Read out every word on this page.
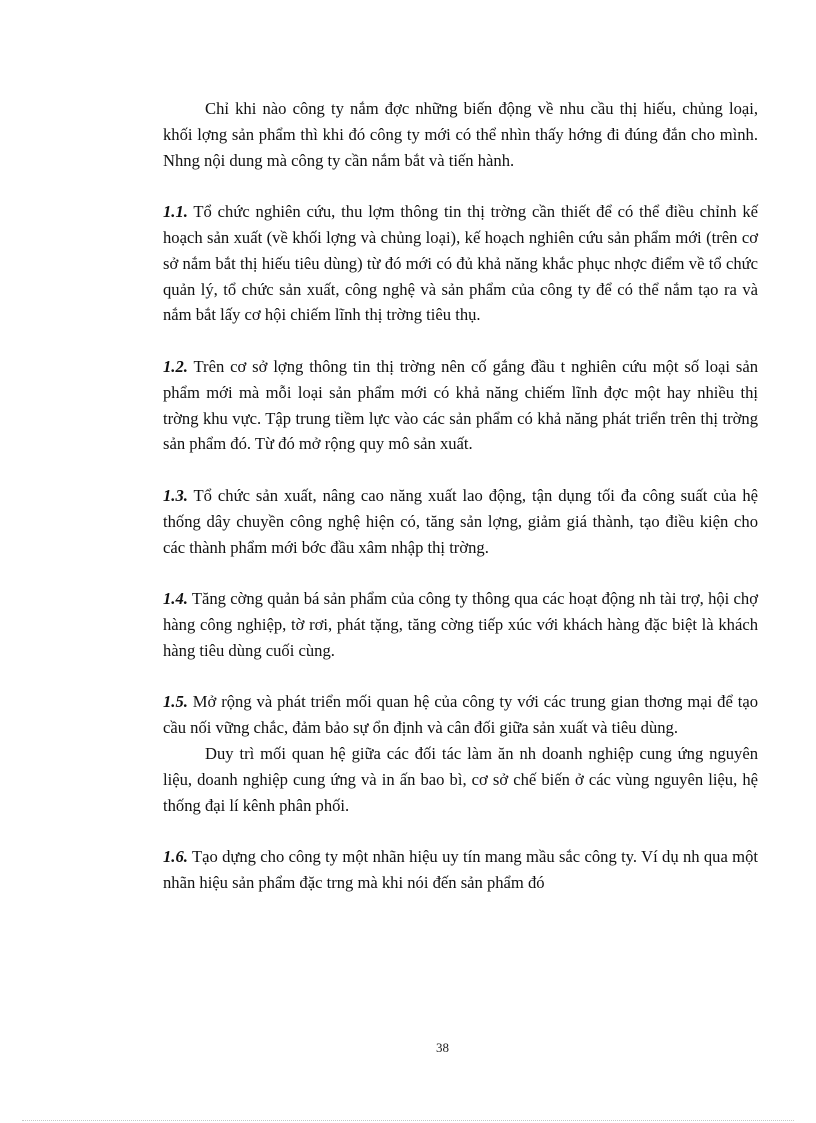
Chỉ khi nào công ty nắm đợc những biến động về nhu cầu thị hiếu, chủng loại, khối lợng sản phẩm thì khi đó công ty mới có thể nhìn thấy hớng đi đúng đắn cho mình. Nhng nội dung mà công ty cần nắm bắt và tiến hành.

1.1. Tổ chức nghiên cứu, thu lợm thông tin thị trờng cần thiết để có thể điều chỉnh kế hoạch sản xuất (về khối lợng và chủng loại), kế hoạch nghiên cứu sản phẩm mới (trên cơ sở nắm bắt thị hiếu tiêu dùng) từ đó mới có đủ khả năng khắc phục nhợc điểm về tổ chức quản lý, tổ chức sản xuất, công nghệ và sản phẩm của công ty để có thể nắm tạo ra và nắm bắt lấy cơ hội chiếm lĩnh thị trờng tiêu thụ.

1.2. Trên cơ sở lợng thông tin thị trờng nên cố gắng đầu t nghiên cứu một số loại sản phẩm mới mà mỗi loại sản phẩm mới có khả năng chiếm lĩnh đợc một hay nhiều thị trờng khu vực. Tập trung tiềm lực vào các sản phẩm có khả năng phát triển trên thị trờng sản phẩm đó. Từ đó mở rộng quy mô sản xuất.

1.3. Tổ chức sản xuất, nâng cao năng xuất lao động, tận dụng tối đa công suất của hệ thống dây chuyền công nghệ hiện có, tăng sản lợng, giảm giá thành, tạo điều kiện cho các thành phẩm mới bớc đầu xâm nhập thị trờng.

1.4. Tăng cờng quản bá sản phẩm của công ty thông qua các hoạt động nh tài trợ, hội chợ hàng công nghiệp, tờ rơi, phát tặng, tăng cờng tiếp xúc với khách hàng đặc biệt là khách hàng tiêu dùng cuối cùng.

1.5. Mở rộng và phát triển mối quan hệ của công ty với các trung gian thơng mại để tạo cầu nối vững chắc, đảm bảo sự ổn định và cân đối giữa sản xuất và tiêu dùng.

Duy trì mối quan hệ giữa các đối tác làm ăn nh doanh nghiệp cung ứng nguyên liệu, doanh nghiệp cung ứng và in ấn bao bì, cơ sở chế biến ở các vùng nguyên liệu, hệ thống đại lí kênh phân phối.

1.6. Tạo dựng cho công ty một nhãn hiệu uy tín mang mầu sắc công ty. Ví dụ nh qua một nhãn hiệu sản phẩm đặc trng mà khi nói đến sản phẩm đó

38
